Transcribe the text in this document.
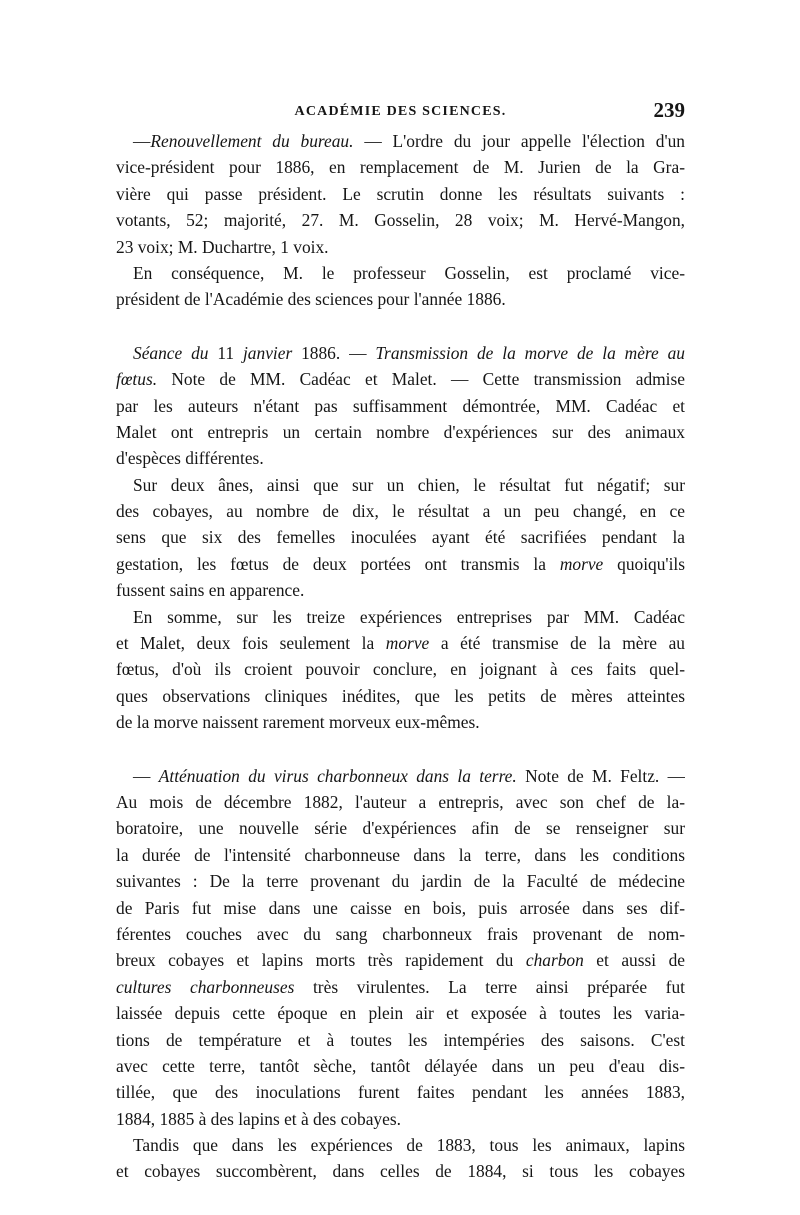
ACADÉMIE DES SCIENCES.	239
—Renouvellement du bureau. — L'ordre du jour appelle l'élection d'un
vice-président pour 1886, en remplacement de M. Jurien de la Gra-
vière qui passe président. Le scrutin donne les résultats suivants :
votants, 52; majorité, 27. M. Gosselin, 28 voix; M. Hervé-Mangon,
23 voix; M. Duchartre, 1 voix.
En conséquence, M. le professeur Gosselin, est proclamé vice-
président de l'Académie des sciences pour l'année 1886.
Séance du 11 janvier 1886. — Transmission de la morve de la mère au
fœtus. Note de MM. Cadéac et Malet. — Cette transmission admise
par les auteurs n'étant pas suffisamment démontrée, MM. Cadéac et
Malet ont entrepris un certain nombre d'expériences sur des animaux
d'espèces différentes.
Sur deux ânes, ainsi que sur un chien, le résultat fut négatif; sur
des cobayes, au nombre de dix, le résultat a un peu changé, en ce
sens que six des femelles inoculées ayant été sacrifiées pendant la
gestation, les fœtus de deux portées ont transmis la morve quoiqu'ils
fussent sains en apparence.
En somme, sur les treize expériences entreprises par MM. Cadéac
et Malet, deux fois seulement la morve a été transmise de la mère au
fœtus, d'où ils croient pouvoir conclure, en joignant à ces faits quel-
ques observations cliniques inédites, que les petits de mères atteintes
de la morve naissent rarement morveux eux-mêmes.
— Atténuation du virus charbonneux dans la terre. Note de M. Feltz. —
Au mois de décembre 1882, l'auteur a entrepris, avec son chef de la-
boratoire, une nouvelle série d'expériences afin de se renseigner sur
la durée de l'intensité charbonneuse dans la terre, dans les conditions
suivantes : De la terre provenant du jardin de la Faculté de médecine
de Paris fut mise dans une caisse en bois, puis arrosée dans ses dif-
férentes couches avec du sang charbonneux frais provenant de nom-
breux cobayes et lapins morts très rapidement du charbon et aussi de
cultures charbonneuses très virulentes. La terre ainsi préparée fut
laissée depuis cette époque en plein air et exposée à toutes les varia-
tions de température et à toutes les intempéries des saisons. C'est
avec cette terre, tantôt sèche, tantôt délayée dans un peu d'eau dis-
tillée, que des inoculations furent faites pendant les années 1883,
1884, 1885 à des lapins et à des cobayes.
Tandis que dans les expériences de 1883, tous les animaux, lapins
et cobayes succombèrent, dans celles de 1884, si tous les cobayes
